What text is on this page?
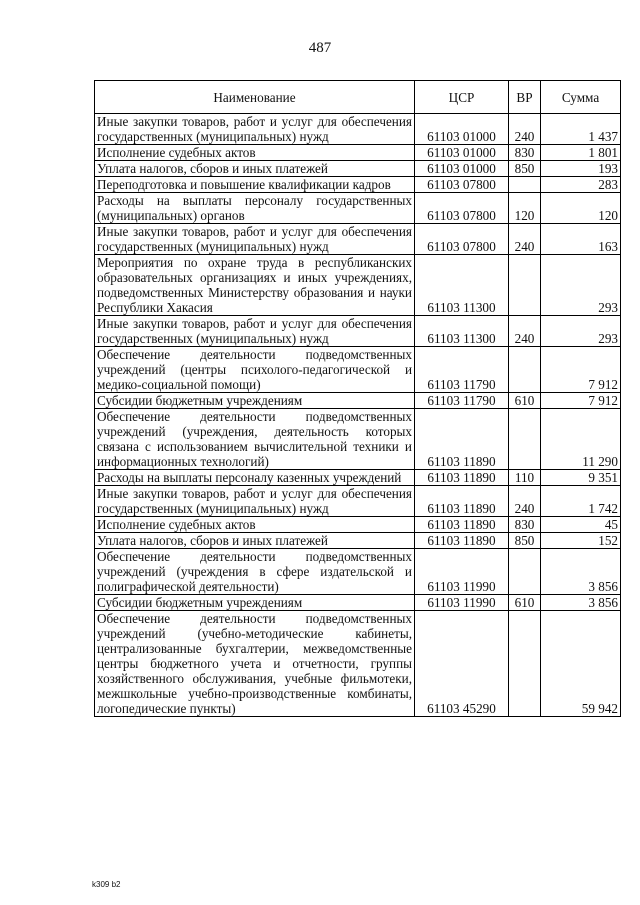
487
Наименование	ЦСР	ВР	Сумма
Иные закупки товаров, работ и услуг для обеспечения государственных (муниципальных) нужд	61103 01000	240	1 437
Исполнение судебных актов	61103 01000	830	1 801
Уплата налогов, сборов и иных платежей	61103 01000	850	193
Переподготовка и повышение квалификации кадров	61103 07800		283
Расходы на выплаты персоналу государственных (муниципальных) органов	61103 07800	120	120
Иные закупки товаров, работ и услуг для обеспечения государственных (муниципальных) нужд	61103 07800	240	163
Мероприятия по охране труда в республиканских образовательных организациях и иных учреждениях, подведомственных Министерству образования и науки Республики Хакасия	61103 11300		293
Иные закупки товаров, работ и услуг для обеспечения государственных (муниципальных) нужд	61103 11300	240	293
Обеспечение деятельности подведомственных учреждений (центры психолого-педагогической и медико-социальной помощи)	61103 11790		7 912
Субсидии бюджетным учреждениям	61103 11790	610	7 912
Обеспечение деятельности подведомственных учреждений (учреждения, деятельность которых связана с использованием вычислительной техники и информационных технологий)	61103 11890		11 290
Расходы на выплаты персоналу казенных учреждений	61103 11890	110	9 351
Иные закупки товаров, работ и услуг для обеспечения государственных (муниципальных) нужд	61103 11890	240	1 742
Исполнение судебных актов	61103 11890	830	45
Уплата налогов, сборов и иных платежей	61103 11890	850	152
Обеспечение деятельности подведомственных учреждений (учреждения в сфере издательской и полиграфической деятельности)	61103 11990		3 856
Субсидии бюджетным учреждениям	61103 11990	610	3 856
Обеспечение деятельности подведомственных учреждений (учебно-методические кабинеты, централизованные бухгалтерии, межведомственные центры бюджетного учета и отчетности, группы хозяйственного обслуживания, учебные фильмотеки, межшкольные учебно-производственные комбинаты, логопедические пункты)	61103 45290		59 942
k309 b2
